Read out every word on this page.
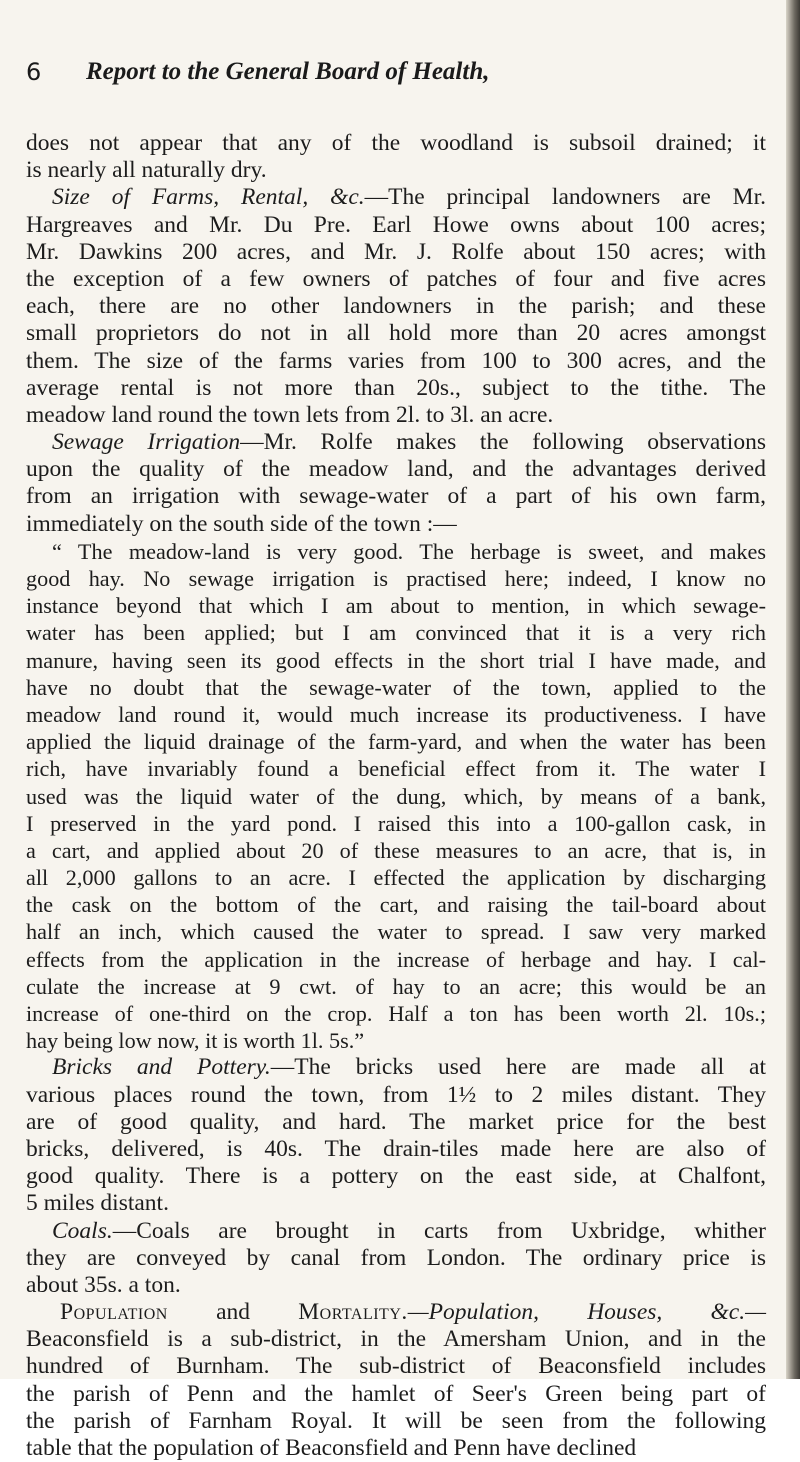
6 Report to the General Board of Health,
does not appear that any of the woodland is subsoil drained; it
is nearly all naturally dry.
Size of Farms, Rental, &c.—The principal landowners are Mr.
Hargreaves and Mr. Du Pre. Earl Howe owns about 100 acres;
Mr. Dawkins 200 acres, and Mr. J. Rolfe about 150 acres; with
the exception of a few owners of patches of four and five acres
each, there are no other landowners in the parish; and these
small proprietors do not in all hold more than 20 acres amongst
them. The size of the farms varies from 100 to 300 acres, and the
average rental is not more than 20s., subject to the tithe. The
meadow land round the town lets from 2l. to 3l. an acre.
Sewage Irrigation—Mr. Rolfe makes the following observations
upon the quality of the meadow land, and the advantages derived
from an irrigation with sewage-water of a part of his own farm,
immediately on the south side of the town :—
“ The meadow-land is very good. The herbage is sweet, and makes
good hay. No sewage irrigation is practised here; indeed, I know no
instance beyond that which I am about to mention, in which sewage-
water has been applied; but I am convinced that it is a very rich
manure, having seen its good effects in the short trial I have made, and
have no doubt that the sewage-water of the town, applied to the
meadow land round it, would much increase its productiveness. I have
applied the liquid drainage of the farm-yard, and when the water has been
rich, have invariably found a beneficial effect from it. The water I
used was the liquid water of the dung, which, by means of a bank,
I preserved in the yard pond. I raised this into a 100-gallon cask, in
a cart, and applied about 20 of these measures to an acre, that is, in
all 2,000 gallons to an acre. I effected the application by discharging
the cask on the bottom of the cart, and raising the tail-board about
half an inch, which caused the water to spread. I saw very marked
effects from the application in the increase of herbage and hay. I cal-
culate the increase at 9 cwt. of hay to an acre; this would be an
increase of one-third on the crop. Half a ton has been worth 2l. 10s.;
hay being low now, it is worth 1l. 5s.”
Bricks and Pottery.—The bricks used here are made all at
various places round the town, from 1½ to 2 miles distant. They
are of good quality, and hard. The market price for the best
bricks, delivered, is 40s. The drain-tiles made here are also of
good quality. There is a pottery on the east side, at Chalfont,
5 miles distant.
Coals.—Coals are brought in carts from Uxbridge, whither
they are conveyed by canal from London. The ordinary price is
about 35s. a ton.
Population and Mortality.—Population, Houses, &c.—
Beaconsfield is a sub-district, in the Amersham Union, and in the
hundred of Burnham. The sub-district of Beaconsfield includes
the parish of Penn and the hamlet of Seer's Green being part of
the parish of Farnham Royal. It will be seen from the following
table that the population of Beaconsfield and Penn have declined
